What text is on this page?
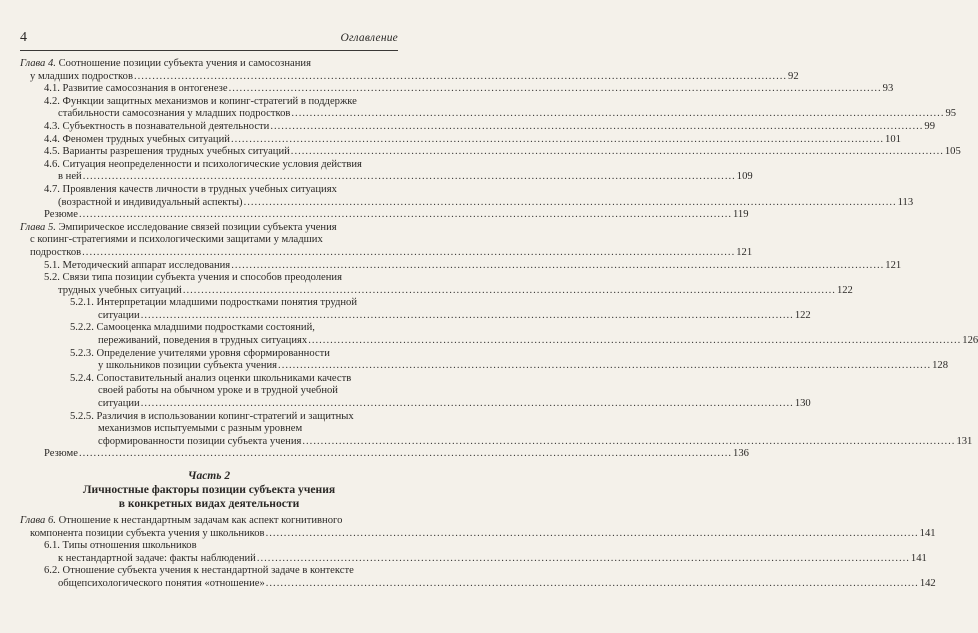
4	Оглавление
Глава 4. Соотношение позиции субъекта учения и самосознания
у младших подростков .....	92
4.1. Развитие самосознания в онтогенезе .....	93
4.2. Функции защитных механизмов и копинг-стратегий в поддержке
стабильности самосознания у младших подростков .....	95
4.3. Субъектность в познавательной деятельности .....	99
4.4. Феномен трудных учебных ситуаций .....	101
4.5. Варианты разрешения трудных учебных ситуаций .....	105
4.6. Ситуация неопределенности и психологические условия действия
в ней .....	109
4.7. Проявления качеств личности в трудных учебных ситуациях
(возрастной и индивидуальный аспекты) .....	113
Резюме .....	119
Глава 5. Эмпирическое исследование связей позиции субъекта учения
с копинг-стратегиями и психологическими защитами у младших
подростков .....	121
5.1. Методический аппарат исследования .....	121
5.2. Связи типа позиции субъекта учения и способов преодоления
трудных учебных ситуаций .....	122
5.2.1. Интерпретации младшими подростками понятия трудной
ситуации .....	122
5.2.2. Самооценка младшими подростками состояний,
переживаний, поведения в трудных ситуациях .....	126
5.2.3. Определение учителями уровня сформированности
у школьников позиции субъекта учения .....	128
5.2.4. Сопоставительный анализ оценки школьниками качеств
своей работы на обычном уроке и в трудной учебной
ситуации .....	130
5.2.5. Различия в использовании копинг-стратегий и защитных
механизмов испытуемыми с разным уровнем
сформированности позиции субъекта учения .....	131
Резюме .....	136
Часть 2
Личностные факторы позиции субъекта учения
в конкретных видах деятельности
Глава 6. Отношение к нестандартным задачам как аспект когнитивного
компонента позиции субъекта учения у школьников .....	141
6.1. Типы отношения школьников
к нестандартной задаче: факты наблюдений .....	141
6.2. Отношение субъекта учения к нестандартной задаче в контексте
общепсихологического понятия «отношение» .....	142
